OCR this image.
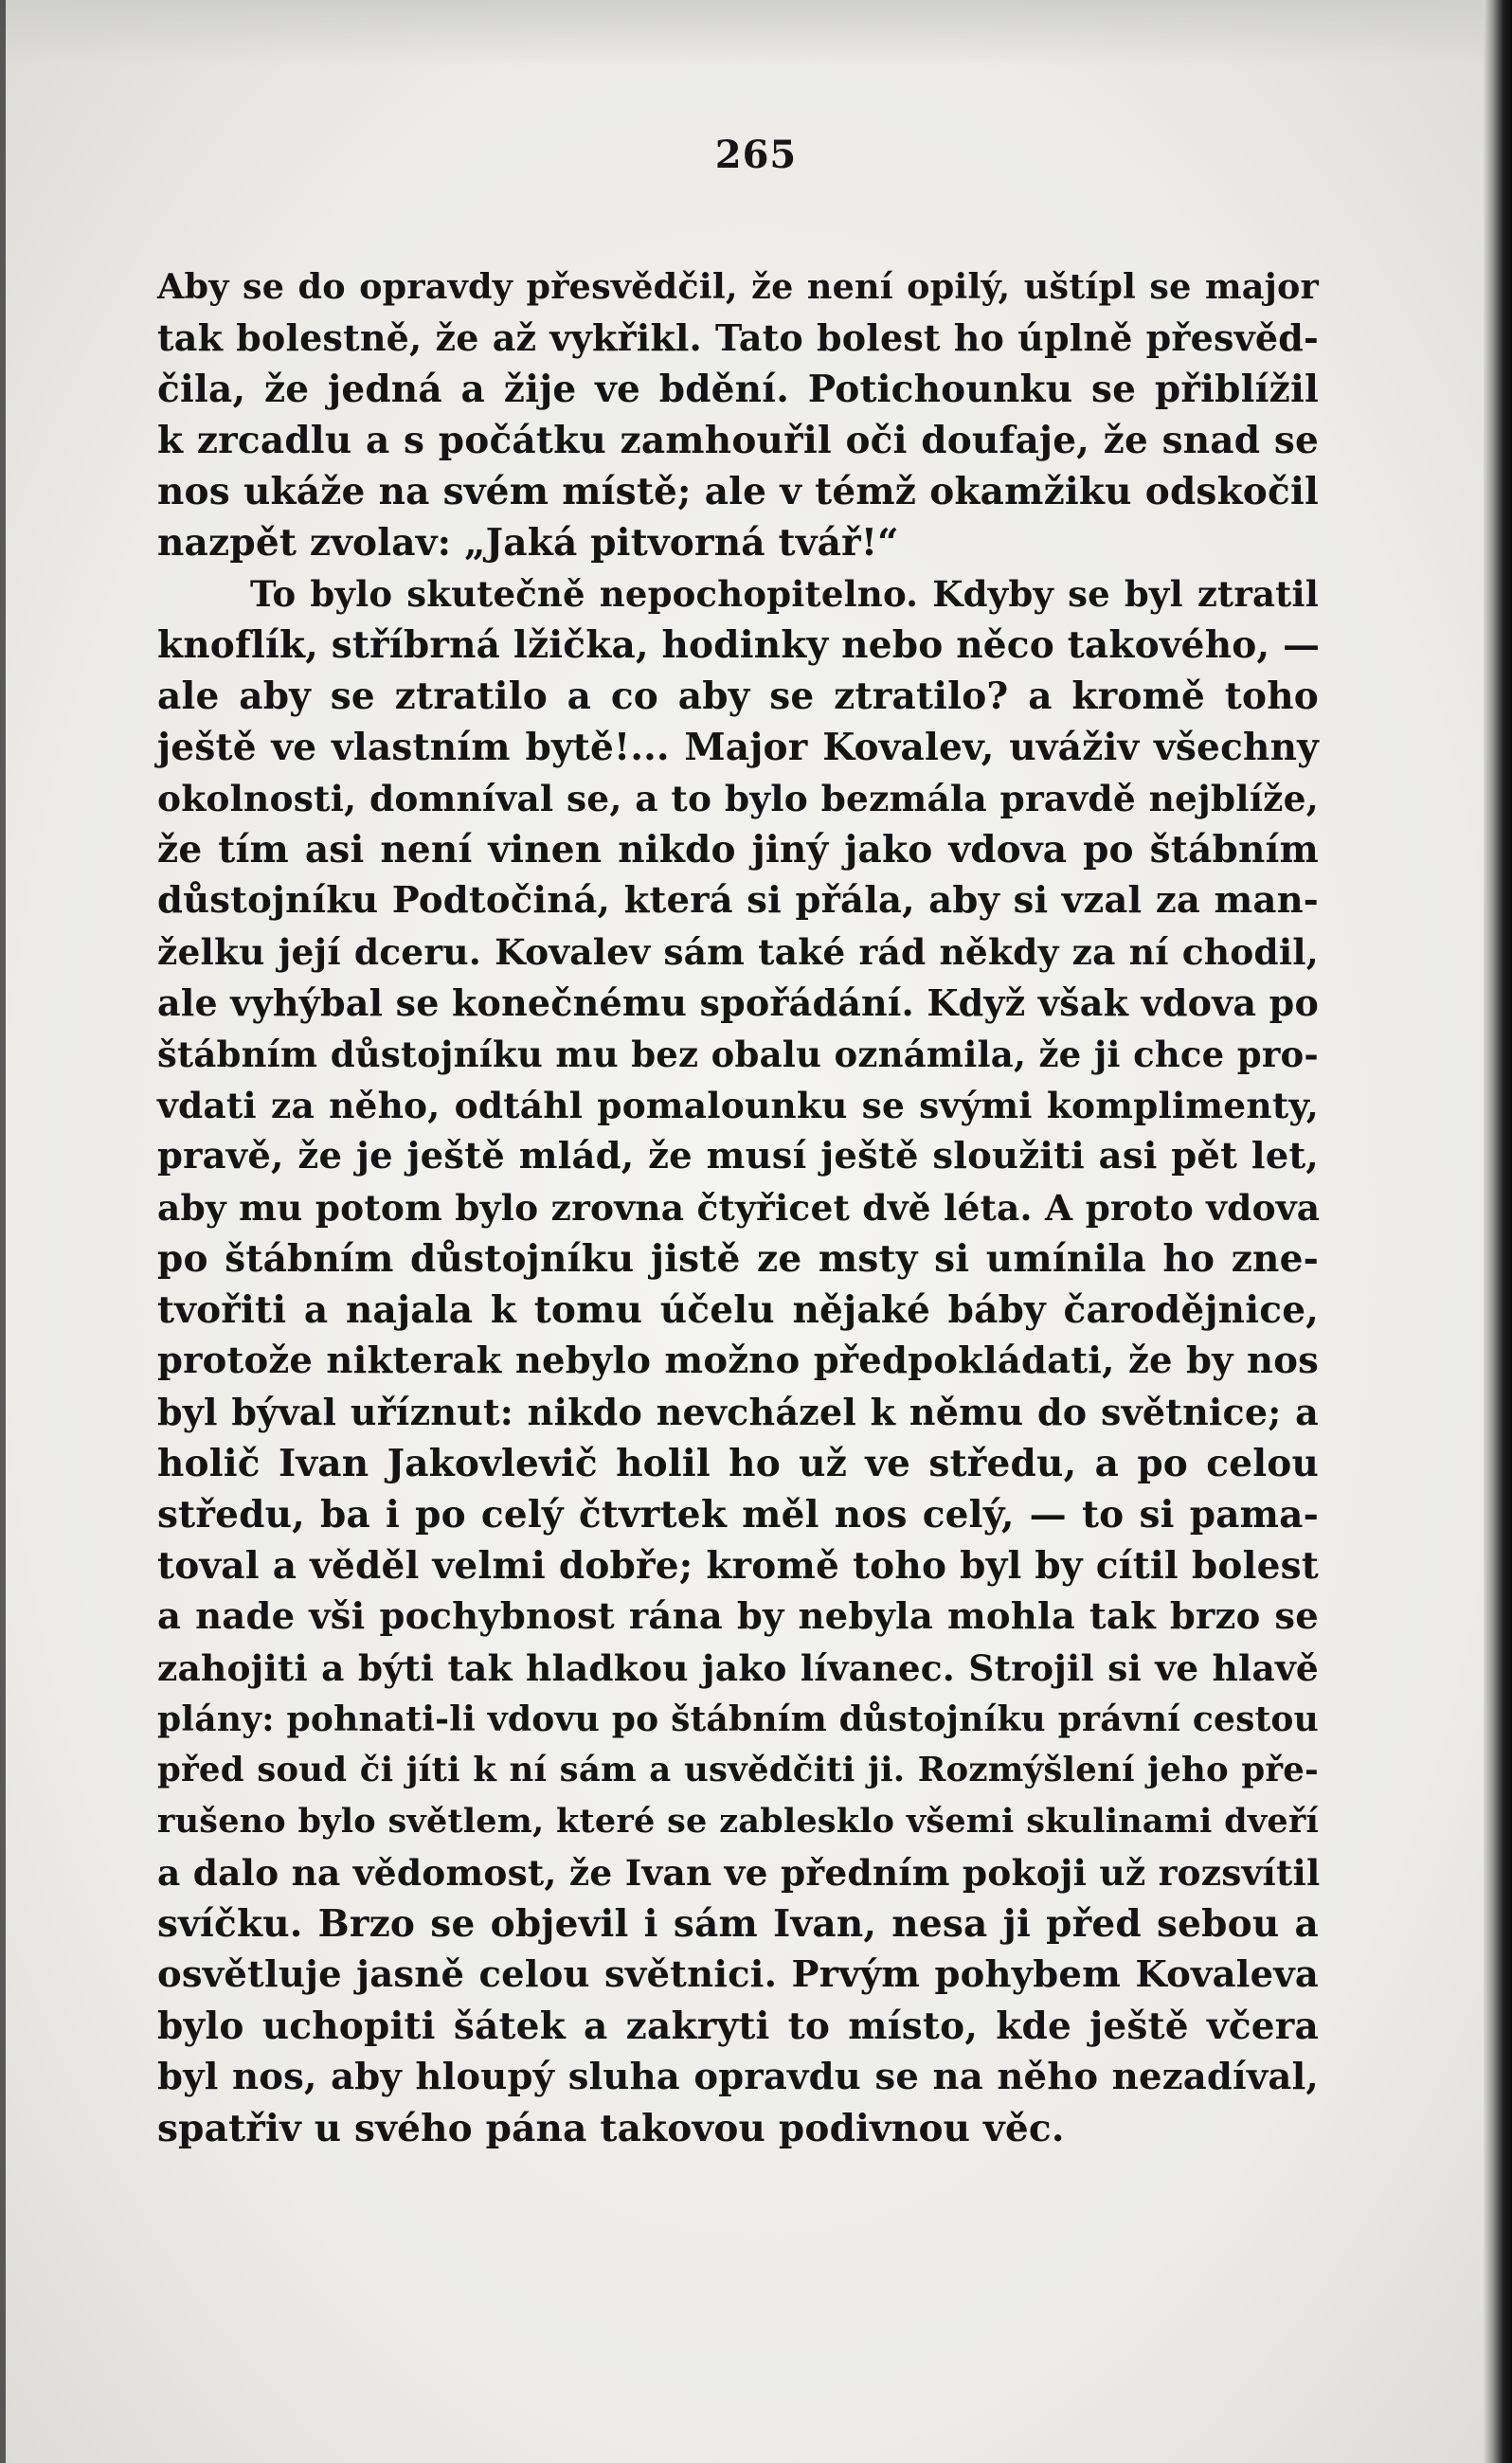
265
Aby se do opravdy přesvědčil, že není opilý, uštípl se major
tak bolestně, že až vykřikl. Tato bolest ho úplně přesvěd-
čila, že jedná a žije ve bdění. Potichounku se přiblížil
k zrcadlu a s počátku zamhouřil oči doufaje, že snad se
nos ukáže na svém místě; ale v témž okamžiku odskočil
nazpět zvolav: „Jaká pitvorná tvář!“
To bylo skutečně nepochopitelno. Kdyby se byl ztratil
knoflík, stříbrná lžička, hodinky nebo něco takového, —
ale aby se ztratilo a co aby se ztratilo? a kromě toho
ještě ve vlastním bytě!... Major Kovalev, uváživ všechny
okolnosti, domníval se, a to bylo bezmála pravdě nejblíže,
že tím asi není vinen nikdo jiný jako vdova po štábním
důstojníku Podtočiná, která si přála, aby si vzal za man-
želku její dceru. Kovalev sám také rád někdy za ní chodil,
ale vyhýbal se konečnému spořádání. Když však vdova po
štábním důstojníku mu bez obalu oznámila, že ji chce pro-
vdati za něho, odtáhl pomalounku se svými komplimenty,
pravě, že je ještě mlád, že musí ještě sloužiti asi pět let,
aby mu potom bylo zrovna čtyřicet dvě léta. A proto vdova
po štábním důstojníku jistě ze msty si umínila ho zne-
tvořiti a najala k tomu účelu nějaké báby čarodějnice,
protože nikterak nebylo možno předpokládati, že by nos
byl býval uříznut: nikdo nevcházel k němu do světnice; a
holič Ivan Jakovlevič holil ho už ve středu, a po celou
středu, ba i po celý čtvrtek měl nos celý, — to si pama-
toval a věděl velmi dobře; kromě toho byl by cítil bolest
a nade vši pochybnost rána by nebyla mohla tak brzo se
zahojiti a býti tak hladkou jako lívanec. Strojil si ve hlavě
plány: pohnati-li vdovu po štábním důstojníku právní cestou
před soud či jíti k ní sám a usvědčiti ji. Rozmýšlení jeho pře-
rušeno bylo světlem, které se zablesklo všemi skulinami dveří
a dalo na vědomost, že Ivan ve předním pokoji už rozsvítil
svíčku. Brzo se objevil i sám Ivan, nesa ji před sebou a
osvětluje jasně celou světnici. Prvým pohybem Kovaleva
bylo uchopiti šátek a zakryti to místo, kde ještě včera
byl nos, aby hloupý sluha opravdu se na něho nezadíval,
spatřiv u svého pána takovou podivnou věc.
